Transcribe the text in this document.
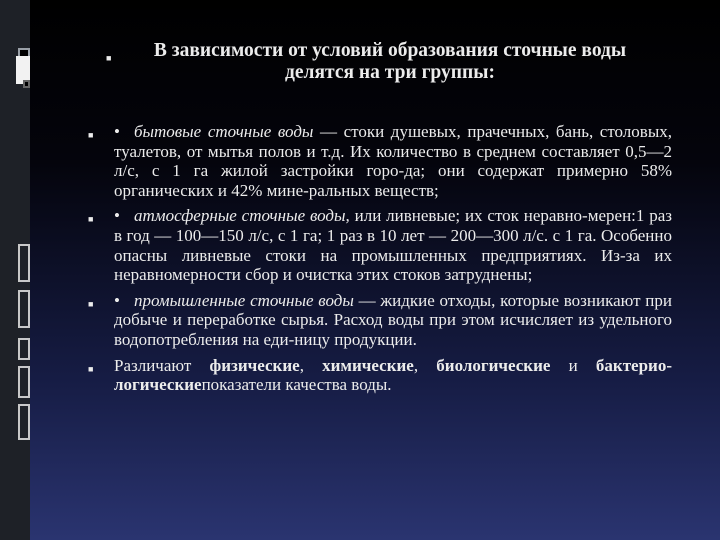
■	В зависимости от условий образования сточные воды
делятся на три группы:
■ • бытовые сточные воды — стоки душевых, прачечных, бань, столовых, туалетов, от мытья полов и т.д. Их количество в среднем составляет 0,5—2 л/с, с 1 га жилой застройки горо-да; они содержат примерно 58% органических и 42% мине-ральных веществ;
■ • атмосферные сточные воды, или ливневые; их сток неравно-мерен:1 раз в год — 100—150 л/с, с 1 га; 1 раз в 10 лет — 200—300 л/с. с 1 га. Особенно опасны ливневые стоки на промышленных предприятиях. Из-за их неравномерности сбор и очистка этих стоков затруднены;
■ • промышленные сточные воды — жидкие отходы, которые возникают при добыче и переработке сырья. Расход воды при этом исчисляет из удельного водопотребления на еди-ницу продукции.
■ Различают физические, химические, биологические и бактерио-логическиепоказатели качества воды.
